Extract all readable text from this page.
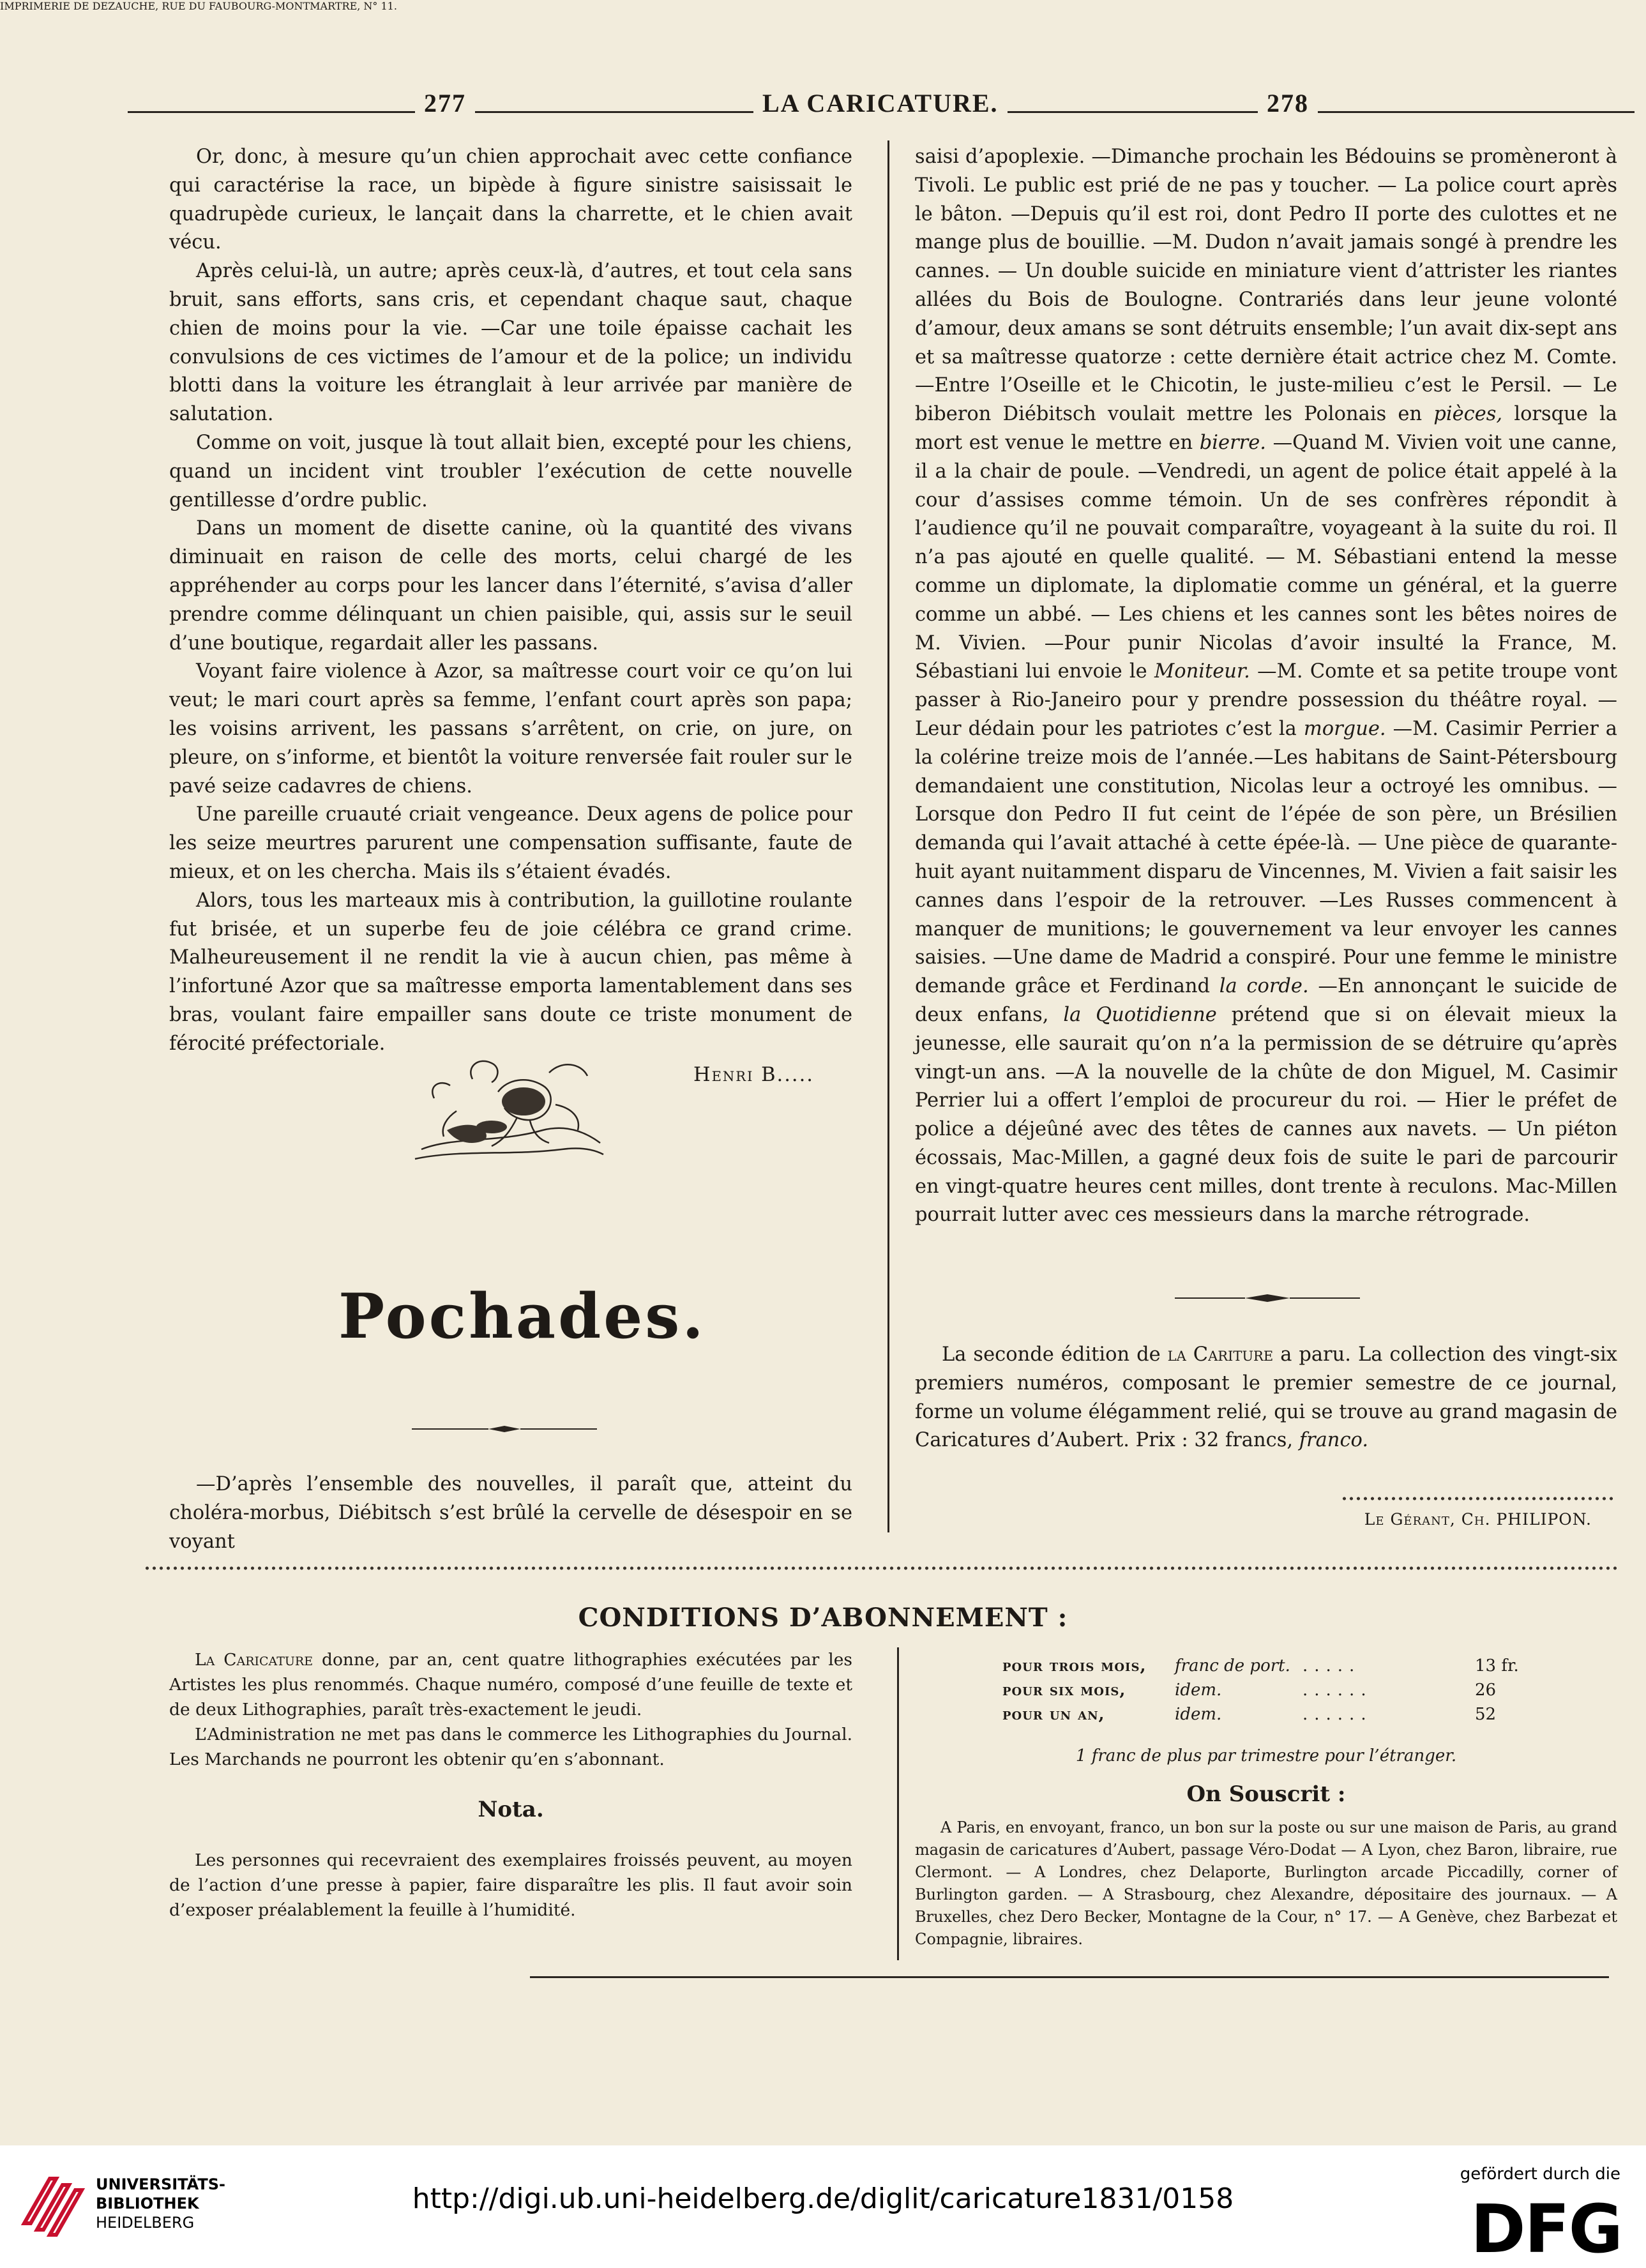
277	LA CARICATURE.	278

Or, donc, à mesure qu’un chien approchait avec cette confiance qui caractérise la race, un bipède à figure sinistre saisissait le quadrupède curieux, le lançait dans la charrette, et le chien avait vécu.

Après celui-là, un autre; après ceux-là, d’autres, et tout cela sans bruit, sans efforts, sans cris, et cependant chaque saut, chaque chien de moins pour la vie. —Car une toile épaisse cachait les convulsions de ces victimes de l’amour et de la police; un individu blotti dans la voiture les étranglait à leur arrivée par manière de salutation.

Comme on voit, jusque là tout allait bien, excepté pour les chiens, quand un incident vint troubler l’exécution de cette nouvelle gentillesse d’ordre public.

Dans un moment de disette canine, où la quantité des vivans diminuait en raison de celle des morts, celui chargé de les appréhender au corps pour les lancer dans l’éternité, s’avisa d’aller prendre comme délinquant un chien paisible, qui, assis sur le seuil d’une boutique, regardait aller les passans.

Voyant faire violence à Azor, sa maîtresse court voir ce qu’on lui veut; le mari court après sa femme, l’enfant court après son papa; les voisins arrivent, les passans s’arrêtent, on crie, on jure, on pleure, on s’informe, et bientôt la voiture renversée fait rouler sur le pavé seize cadavres de chiens.

Une pareille cruauté criait vengeance. Deux agens de police pour les seize meurtres parurent une compensation suffisante, faute de mieux, et on les chercha. Mais ils s’étaient évadés.

Alors, tous les marteaux mis à contribution, la guillotine roulante fut brisée, et un superbe feu de joie célébra ce grand crime. Malheureusement il ne rendit la vie à aucun chien, pas même à l’infortuné Azor que sa maîtresse emporta lamentablement dans ses bras, voulant faire empailler sans doute ce triste monument de férocité préfectoriale.

Henri B.....
Pochades.

—D’après l’ensemble des nouvelles, il paraît que, atteint du choléra-morbus, Diébitsch s’est brûlé la cervelle de désespoir en se voyant

saisi d’apoplexie. —Dimanche prochain les Bédouins se promèneront à Tivoli. Le public est prié de ne pas y toucher. — La police court après le bâton. —Depuis qu’il est roi, dont Pedro II porte des culottes et ne mange plus de bouillie. —M. Dudon n’avait jamais songé à prendre les cannes. — Un double suicide en miniature vient d’attrister les riantes allées du Bois de Boulogne. Contrariés dans leur jeune volonté d’amour, deux amans se sont détruits ensemble; l’un avait dix-sept ans et sa maîtresse quatorze : cette dernière était actrice chez M. Comte. —Entre l’Oseille et le Chicotin, le juste-milieu c’est le Persil. — Le biberon Diébitsch voulait mettre les Polonais en pièces, lorsque la mort est venue le mettre en bierre. —Quand M. Vivien voit une canne, il a la chair de poule. —Vendredi, un agent de police était appelé à la cour d’assises comme témoin. Un de ses confrères répondit à l’audience qu’il ne pouvait comparaître, voyageant à la suite du roi. Il n’a pas ajouté en quelle qualité. — M. Sébastiani entend la messe comme un diplomate, la diplomatie comme un général, et la guerre comme un abbé. — Les chiens et les cannes sont les bêtes noires de M. Vivien. —Pour punir Nicolas d’avoir insulté la France, M. Sébastiani lui envoie le Moniteur. —M. Comte et sa petite troupe vont passer à Rio-Janeiro pour y prendre possession du théâtre royal. —Leur dédain pour les patriotes c’est la morgue. —M. Casimir Perrier a la colérine treize mois de l’année.—Les habitans de Saint-Pétersbourg demandaient une constitution, Nicolas leur a octroyé les omnibus. — Lorsque don Pedro II fut ceint de l’épée de son père, un Brésilien demanda qui l’avait attaché à cette épée-là. — Une pièce de quarante-huit ayant nuitamment disparu de Vincennes, M. Vivien a fait saisir les cannes dans l’espoir de la retrouver. —Les Russes commencent à manquer de munitions; le gouvernement va leur envoyer les cannes saisies. —Une dame de Madrid a conspiré. Pour une femme le ministre demande grâce et Ferdinand la corde. —En annonçant le suicide de deux enfans, la Quotidienne prétend que si on élevait mieux la jeunesse, elle saurait qu’on n’a la permission de se détruire qu’après vingt-un ans. —A la nouvelle de la chûte de don Miguel, M. Casimir Perrier lui a offert l’emploi de procureur du roi. — Hier le préfet de police a déjeûné avec des têtes de cannes aux navets. — Un piéton écossais, Mac-Millen, a gagné deux fois de suite le pari de parcourir en vingt-quatre heures cent milles, dont trente à reculons. Mac-Millen pourrait lutter avec ces messieurs dans la marche rétrograde.

La seconde édition de la Cariture a paru. La collection des vingt-six premiers numéros, composant le premier semestre de ce journal, forme un volume élégamment relié, qui se trouve au grand magasin de Caricatures d’Aubert. Prix : 32 francs, franco.

Le Gérant, Ch. PHILIPON.
CONDITIONS D’ABONNEMENT :

La Caricature donne, par an, cent quatre lithographies exécutées par les Artistes les plus renommés. Chaque numéro, composé d’une feuille de texte et de deux Lithographies, paraît très-exactement le jeudi.

L’Administration ne met pas dans le commerce les Lithographies du Journal. Les Marchands ne pourront les obtenir qu’en s’abonnant.

Nota.

Les personnes qui recevraient des exemplaires froissés peuvent, au moyen de l’action d’une presse à papier, faire disparaître les plis. Il faut avoir soin d’exposer préalablement la feuille à l’humidité.

pour trois mois,	franc de port. .....	13 fr.
pour six mois,	idem.	......	26
pour un an,	idem.	......	52
1 franc de plus par trimestre pour l’étranger.
On Souscrit :

A Paris, en envoyant, franco, un bon sur la poste ou sur une maison de Paris, au grand magasin de caricatures d’Aubert, passage Véro-Dodat — A Lyon, chez Baron, libraire, rue Clermont. — A Londres, chez Delaporte, Burlington arcade Piccadilly, corner of Burlington garden. — A Strasbourg, chez Alexandre, dépositaire des journaux. — A Bruxelles, chez Dero Becker, Montagne de la Cour, n° 17. — A Genève, chez Barbezat et Compagnie, libraires.

IMPRIMERIE DE DEZAUCHE, RUE DU FAUBOURG-MONTMARTRE, N° 11.
UNIVERSITÄTS-
BIBLIOTHEK
HEIDELBERG
http://digi.ub.uni-heidelberg.de/diglit/caricature1831/0158
gefördert durch die
DFG
